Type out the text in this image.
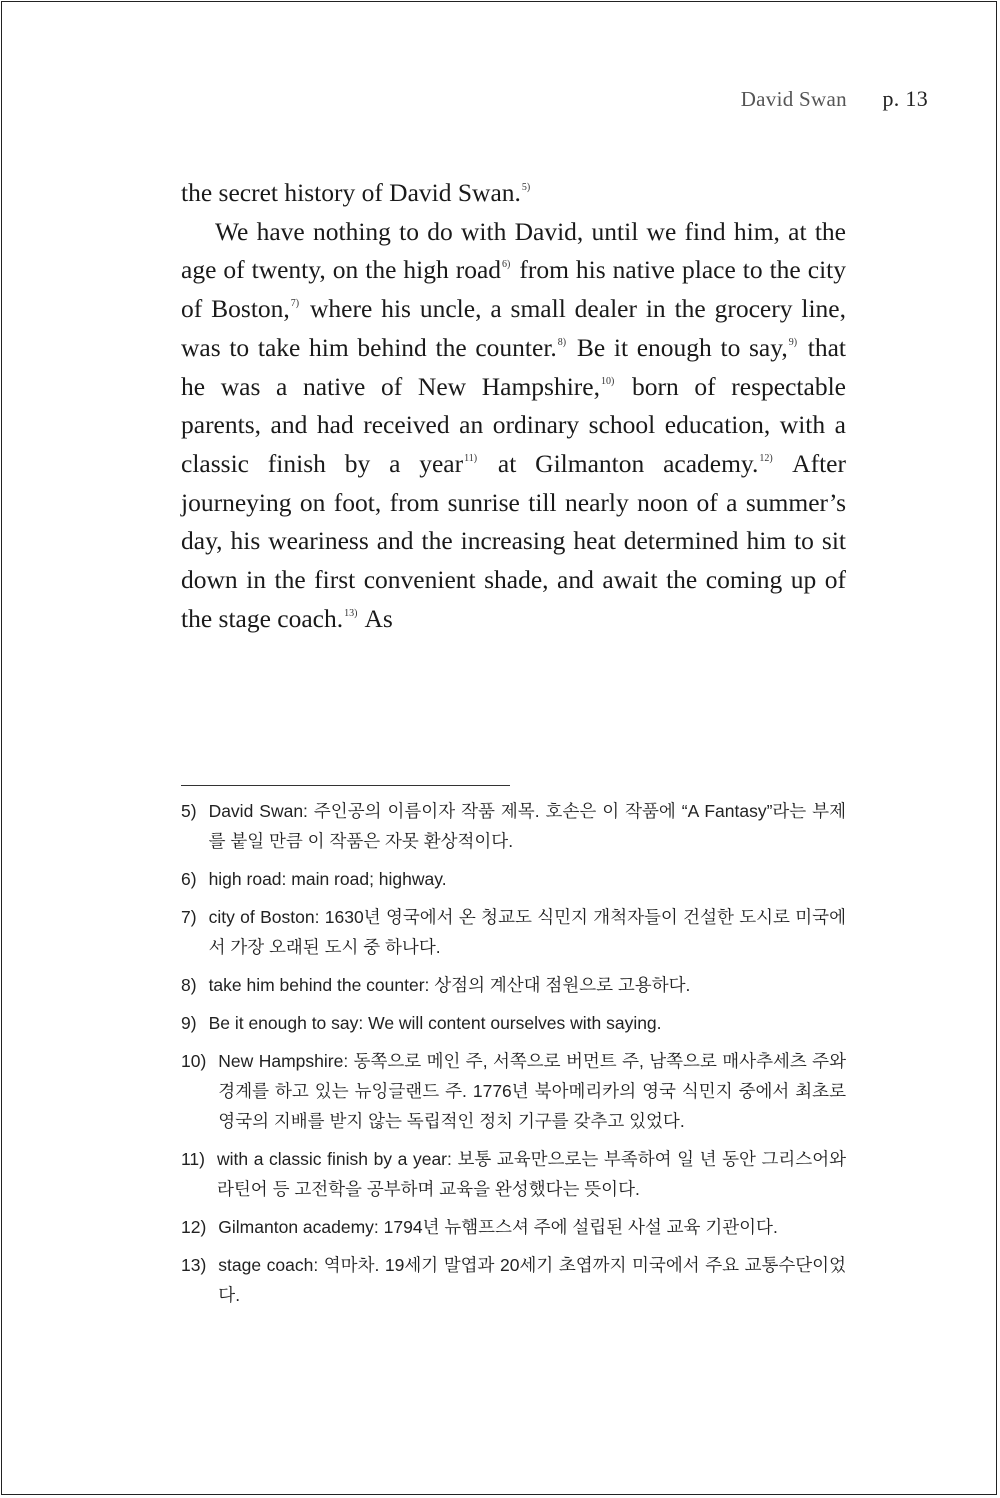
David Swan p. 13

the secret history of David Swan.$^{5)}$

We have nothing to do with David, until we find him, at the age of twenty, on the high road$^{6)}$ from his native place to the city of Boston,$^{7)}$ where his uncle, a small dealer in the grocery line, was to take him behind the counter.$^{8)}$ Be it enough to say,$^{9)}$ that he was a native of New Hampshire,$^{10)}$ born of respectable parents, and had received an ordinary school education, with a classic finish by a year$^{11)}$ at Gilmanton academy.$^{12)}$ After journeying on foot, from sunrise till nearly noon of a summer’s day, his weariness and the increasing heat determined him to sit down in the first convenient shade, and await the coming up of the stage coach.$^{13)}$ As

5) David Swan: 주인공의 이름이자 작품 제목. 호손은 이 작품에 “A Fantasy”라는 부제를 붙일 만큼 이 작품은 자못 환상적이다.
6) high road: main road; highway.
7) city of Boston: 1630년 영국에서 온 청교도 식민지 개척자들이 건설한 도시로 미국에서 가장 오래된 도시 중 하나다.
8) take him behind the counter: 상점의 계산대 점원으로 고용하다.
9) Be it enough to say: We will content ourselves with saying.
10) New Hampshire: 동쪽으로 메인 주, 서쪽으로 버먼트 주, 남쪽으로 매사추세츠 주와 경계를 하고 있는 뉴잉글랜드 주. 1776년 북아메리카의 영국 식민지 중에서 최초로 영국의 지배를 받지 않는 독립적인 정치 기구를 갖추고 있었다.
11) with a classic finish by a year: 보통 교육만으로는 부족하여 일 년 동안 그리스어와 라틴어 등 고전학을 공부하며 교육을 완성했다는 뜻이다.
12) Gilmanton academy: 1794년 뉴햄프스셔 주에 설립된 사설 교육 기관이다.
13) stage coach: 역마차. 19세기 말엽과 20세기 초엽까지 미국에서 주요 교통수단이었다.
